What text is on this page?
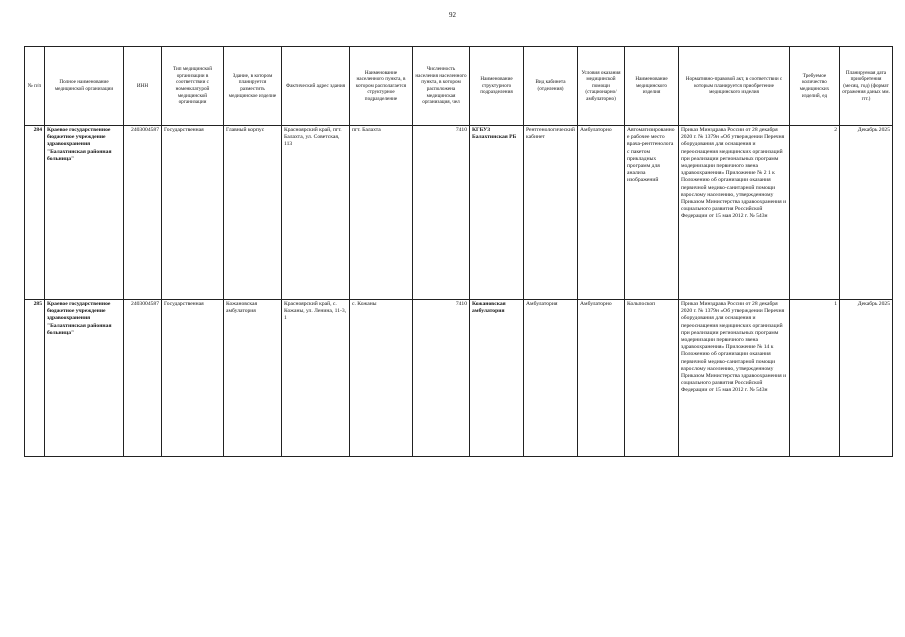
92
№ п/п	Полное наименование медицинской организации	ИНН	Тип медицинской организации в соответствии с номенклатурой медицинской организации	Здание, в котором планируется разместить медицинское изделие	Фактический адрес здания	Наименование населенного пункта, в котором располагается структурное подразделение	Численность населения населенного пункта, в котором расположена медицинская организация, чел	Наименование структурного подразделения	Вид кабинета (отделения)	Условия оказания медицинской помощи (стационарно/амбулаторно)	Наименование медицинского изделия	Нормативно-правовой акт, в соответствии с которым планируется приобретение медицинского изделия	Требуемое количество медицинских изделий, ед	Планируемая дата приобретения (месяц, год) (формат отражения даных мм. ггг.)
284	Краевое государственное бюджетное учреждение здравоохранения "Балахтинская районная больница"	2403004587	Государственная	Главный корпус	Красноярский край, пгт. Балахта, ул. Советская, 113	пгт. Балахта	7410	КГБУЗ Балахтинская РБ	Рентгенологический кабинет	Амбулаторно	Автоматизированное рабочее место врача-рентгенолога с пакетом прикладных программ для анализа изображений	Приказ Минздрава России от 28 декабря 2020 г. № 1379н «Об утверждении Перечня оборудования для оснащения и переоснащения медицинских организаций при реализации региональных программ модернизации первичного звена здравоохранения» Приложение № 2 1 к Положению об организации оказания первичной медико-санитарной помощи взрослому населению, утвержденному Приказом Министерства здравоохранения и социального развития Российской Федерации от 15 мая 2012 г. № 543н	2	Декабрь 2025
285	Краевое государственное бюджетное учреждение здравоохранения "Балахтинская районная больница"	2403004587	Государственная	Кожановская амбулатория	Красноярский край, с. Кожаны, ул. Ленина, 11-3, 1	с. Кожаны	7410	Кожановская амбулатория	Амбулатория	Амбулаторно	Кольпоскоп	Приказ Минздрава России от 28 декабря 2020 г. № 1379н «Об утверждении Перечня оборудования для оснащения и переоснащения медицинских организаций при реализации региональных программ модернизации первичного звена здравоохранения» Приложение № 14 к Положению об организации оказания первичной медико-санитарной помощи взрослому населению, утвержденному Приказом Министерства здравоохранения и социального развития Российской Федерации от 15 мая 2012 г. № 543н	1	Декабрь 2025
